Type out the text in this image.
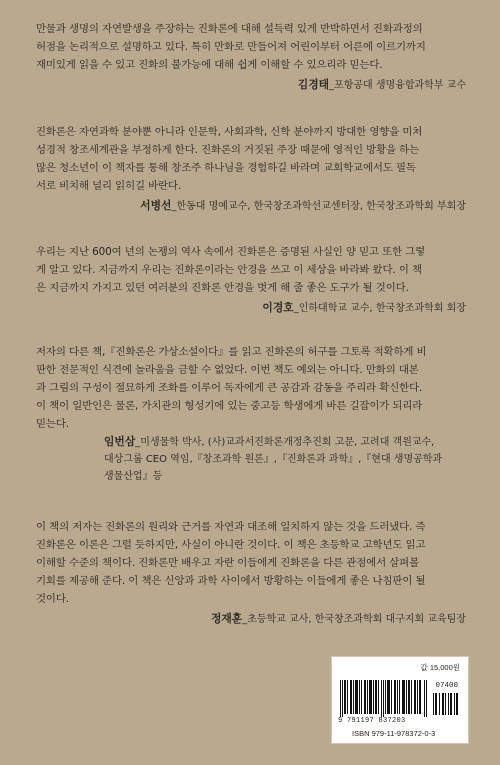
만물과 생명의 자연발생을 주장하는 진화론에 대해 설득력 있게 반박하면서 진화과정의
허점을 논리적으로 설명하고 있다. 특히 만화로 만들어져 어린이부터 어른에 이르기까지
재미있게 읽을 수 있고 진화의 불가능에 대해 쉽게 이해할 수 있으리라 믿는다.

김경태_포항공대 생명융합과학부 교수

진화론은 자연과학 분야뿐 아니라 인문학, 사회과학, 신학 분야까지 방대한 영향을 미쳐
성경적 창조세계관을 부정하게 한다. 진화론의 거짓된 주장 때문에 영적인 방황을 하는
많은 청소년이 이 책자를 통해 창조주 하나님을 경험하길 바라며 교회학교에서도 필독
서로 비치해 널리 읽히길 바란다.

서병선_한동대 명예교수, 한국창조과학선교센터장, 한국창조과학회 부회장

우리는 지난 600여 년의 논쟁의 역사 속에서 진화론은 증명된 사실인 양 믿고 또한 그렇
게 알고 있다. 지금까지 우리는 진화론이라는 안경을 쓰고 이 세상을 바라봐 왔다. 이 책
은 지금까지 가지고 있던 여러분의 진화론 안경을 벗게 해 줄 좋은 도구가 될 것이다.

이경호_인하대학교 교수, 한국창조과학회 회장

저자의 다른 책,『진화론은 가상소설이다』를 읽고 진화론의 허구를 그토록 적확하게 비
판한 전문적인 식견에 놀라움을 금할 수 없었다. 이번 책도 예외는 아니다. 만화의 대본
과 그림의 구성이 절묘하게 조화를 이루어 독자에게 큰 공감과 감동을 주리라 확신한다.
이 책이 일반인은 물론, 가치관의 형성기에 있는 중고등 학생에게 바른 길잡이가 되리라
믿는다.

임번삼_미생물학 박사, (사)교과서진화론개정추진회 고문, 고려대 객원교수,
대상그룹 CEO 역임,『창조과학 원론』,『진화론과 과학』,『현대 생명공학과
생물산업』등

이 책의 저자는 진화론의 원리와 근거를 자연과 대조해 일치하지 않는 것을 드러냈다. 즉
진화론은 이론은 그럴 듯하지만, 사실이 아니란 것이다. 이 책은 초등학교 고학년도 읽고
이해할 수준의 책이다. 진화론만 배우고 자란 이들에게 진화론을 다른 관점에서 살펴볼
기회를 제공해 준다. 이 책은 신앙과 과학 사이에서 방황하는 이들에게 좋은 나침판이 될
것이다.

정재훈_초등학교 교사, 한국창조과학회 대구지회 교육팀장
값 15,000원
07400
9 791197 837203
ISBN 979-11-978372-0-3
